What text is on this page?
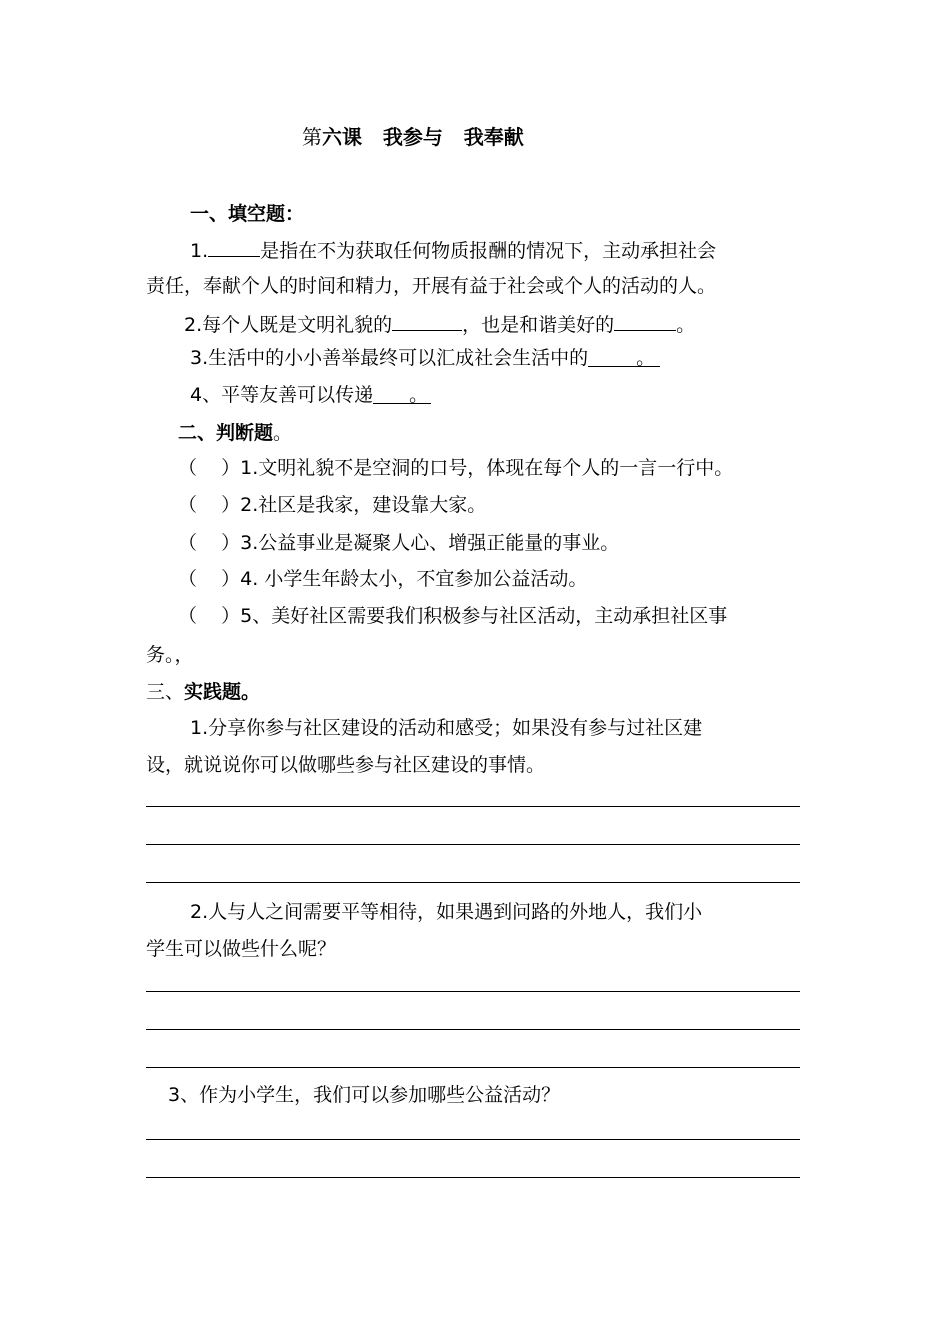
第六课   我参与   我奉献
一、填空题：
1.	是指在不为获取任何物质报酬的情况下，主动承担社会
责任，奉献个人的时间和精力，开展有益于社会或个人的活动的人。
2.每个人既是文明礼貌的	，也是和谐美好的	。
3.生活中的小小善举最终可以汇成社会生活中的	。
4、平等友善可以传递 。
二、判断题。
（    ）1.文明礼貌不是空洞的口号，体现在每个人的一言一行中。
（    ）2.社区是我家，建设靠大家。
（    ）3.公益事业是凝聚人心、增强正能量的事业。
（    ）4. 小学生年龄太小，不宜参加公益活动。
（    ）5、美好社区需要我们积极参与社区活动，主动承担社区事
务。，
三、实践题。
1.分享你参与社区建设的活动和感受；如果没有参与过社区建
设，就说说你可以做哪些参与社区建设的事情。
2.人与人之间需要平等相待，如果遇到问路的外地人，我们小
学生可以做些什么呢？
3、作为小学生，我们可以参加哪些公益活动？
